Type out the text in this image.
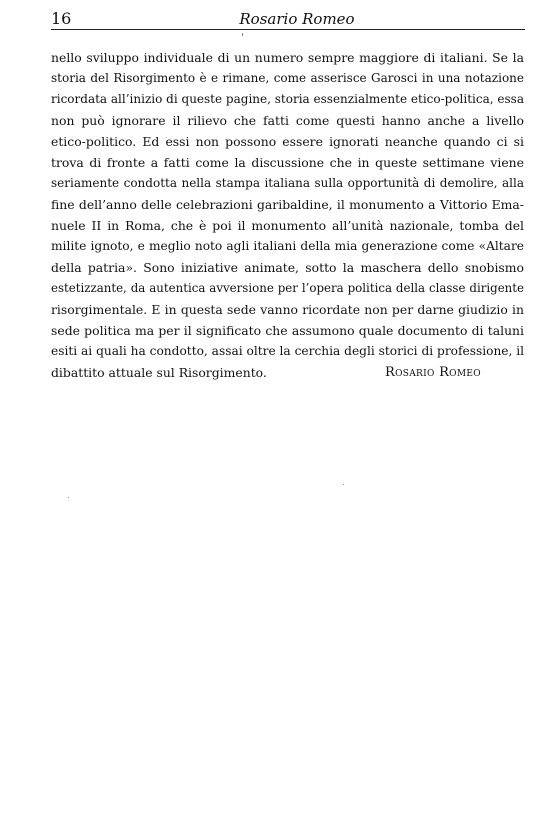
16	Rosario Romeo
nello sviluppo individuale di un numero sempre maggiore di italiani. Se la
storia del Risorgimento è e rimane, come asserisce Garosci in una notazione
ricordata all’inizio di queste pagine, storia essenzialmente etico-politica, essa
non può ignorare il rilievo che fatti come questi hanno anche a livello
etico-politico. Ed essi non possono essere ignorati neanche quando ci si
trova di fronte a fatti come la discussione che in queste settimane viene
seriamente condotta nella stampa italiana sulla opportunità di demolire, alla
fine dell’anno delle celebrazioni garibaldine, il monumento a Vittorio Ema-
nuele II in Roma, che è poi il monumento all’unità nazionale, tomba del
milite ignoto, e meglio noto agli italiani della mia generazione come «Altare
della patria». Sono iniziative animate, sotto la maschera dello snobismo
estetizzante, da autentica avversione per l’opera politica della classe dirigente
risorgimentale. E in questa sede vanno ricordate non per darne giudizio in
sede politica ma per il significato che assumono quale documento di taluni
esiti ai quali ha condotto, assai oltre la cerchia degli storici di professione, il
dibattito attuale sul Risorgimento.	Rosario Romeo
